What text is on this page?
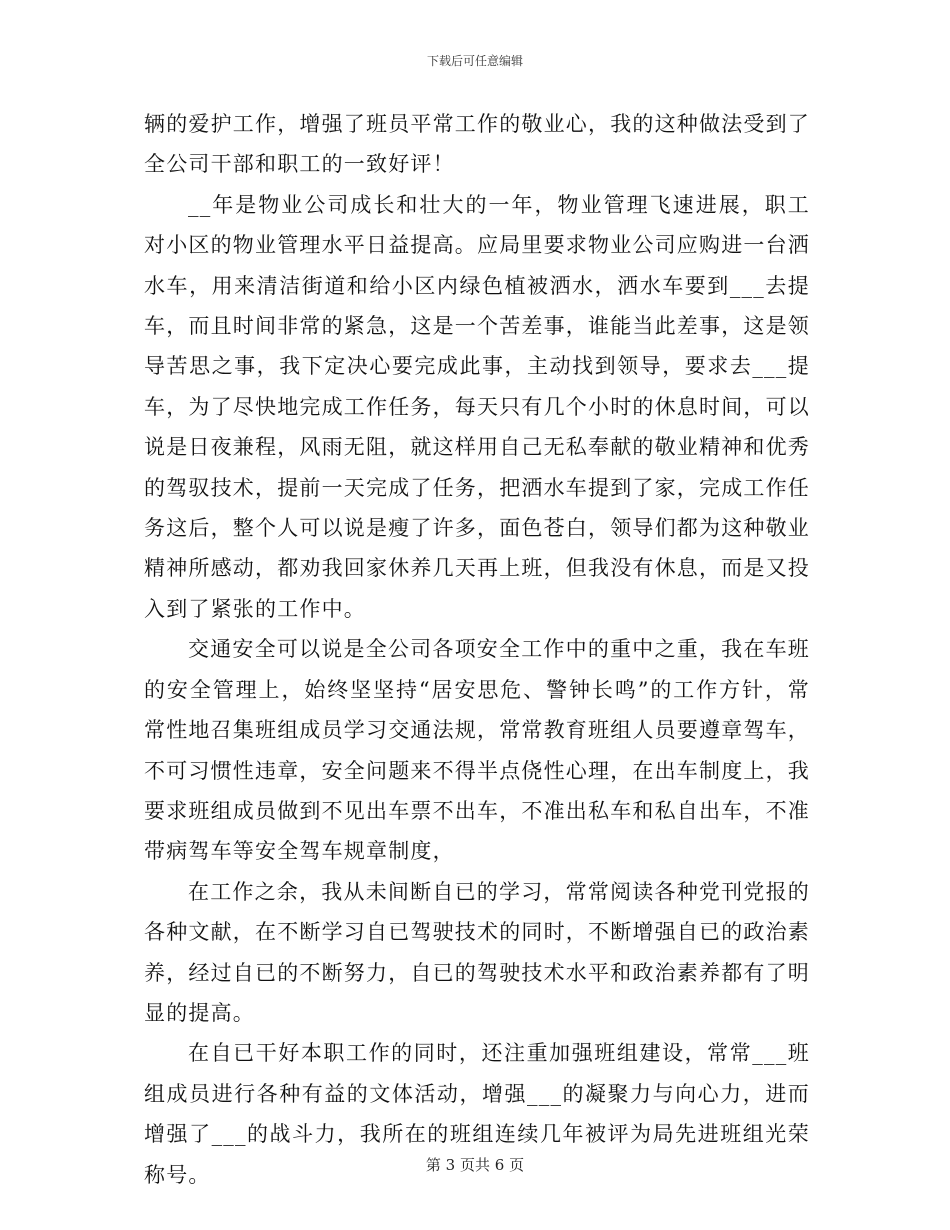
下载后可任意编辑

辆的爱护工作，增强了班员平常工作的敬业心，我的这种做法受到了全公司干部和职工的一致好评！

__年是物业公司成长和壮大的一年，物业管理飞速进展，职工对小区的物业管理水平日益提高。应局里要求物业公司应购进一台洒水车，用来清洁街道和给小区内绿色植被洒水，洒水车要到___去提车，而且时间非常的紧急，这是一个苦差事，谁能当此差事，这是领导苦思之事，我下定决心要完成此事，主动找到领导，要求去___提车，为了尽快地完成工作任务，每天只有几个小时的休息时间，可以说是日夜兼程，风雨无阻，就这样用自己无私奉献的敬业精神和优秀的驾驭技术，提前一天完成了任务，把洒水车提到了家，完成工作任务这后，整个人可以说是瘦了许多，面色苍白，领导们都为这种敬业精神所感动，都劝我回家休养几天再上班，但我没有休息，而是又投入到了紧张的工作中。

交通安全可以说是全公司各项安全工作中的重中之重，我在车班的安全管理上，始终坚坚持“居安思危、警钟长鸣”的工作方针，常常性地召集班组成员学习交通法规，常常教育班组人员要遵章驾车，不可习惯性违章，安全问题来不得半点侥性心理，在出车制度上，我要求班组成员做到不见出车票不出车，不准出私车和私自出车，不准带病驾车等安全驾车规章制度，

在工作之余，我从未间断自已的学习，常常阅读各种党刊党报的各种文献，在不断学习自已驾驶技术的同时，不断增强自已的政治素养，经过自已的不断努力，自已的驾驶技术水平和政治素养都有了明显的提高。

在自已干好本职工作的同时，还注重加强班组建设，常常___班组成员进行各种有益的文体活动，增强___的凝聚力与向心力，进而增强了___的战斗力，我所在的班组连续几年被评为局先进班组光荣称号。	第 3 页共 6 页
